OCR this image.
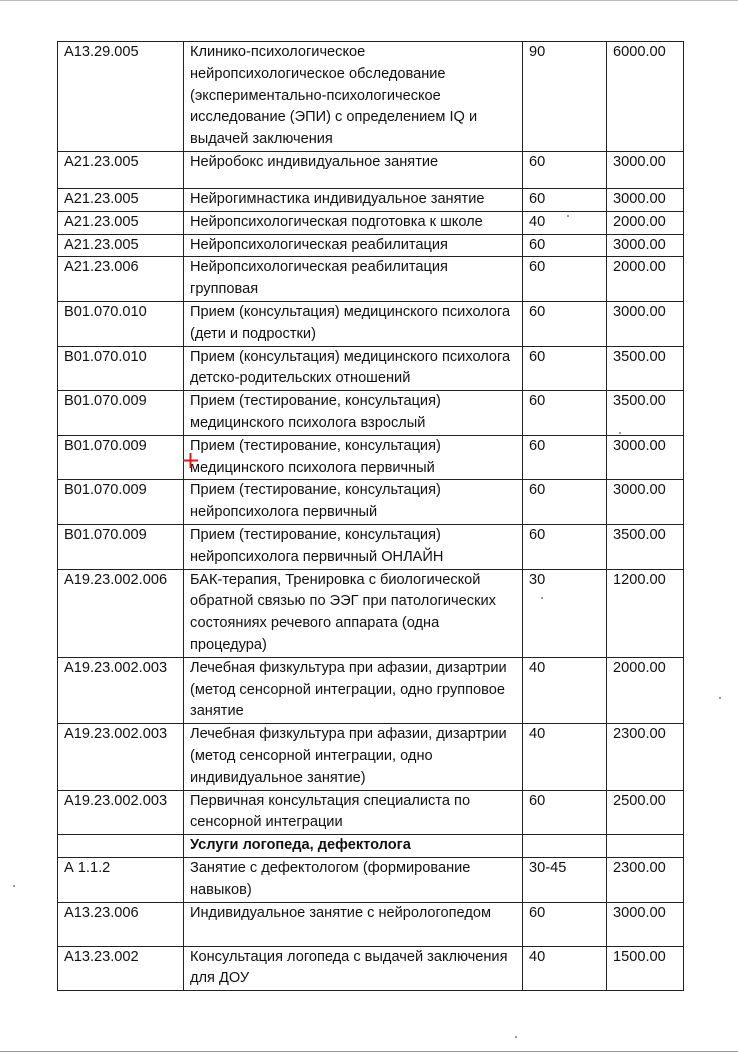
A13.29.005	Клинико-психологическое нейропсихологическое обследование (экспериментально-психологическое исследование (ЭПИ) с определением IQ и выдачей заключения	90	6000.00
A21.23.005	Нейробокс индивидуальное занятие	60	3000.00
A21.23.005	Нейрогимнастика индивидуальное занятие	60	3000.00
A21.23.005	Нейропсихологическая подготовка к школе	40	2000.00
A21.23.005	Нейропсихологическая реабилитация	60	3000.00
A21.23.006	Нейропсихологическая реабилитация групповая	60	2000.00
B01.070.010	Прием (консультация) медицинского психолога (дети и подростки)	60	3000.00
B01.070.010	Прием (консультация) медицинского психолога детско-родительских отношений	60	3500.00
B01.070.009	Прием (тестирование, консультация) медицинского психолога взрослый	60	3500.00
B01.070.009	Прием (тестирование, консультация) медицинского психолога первичный	60	3000.00
B01.070.009	Прием (тестирование, консультация) нейропсихолога первичный	60	3000.00
B01.070.009	Прием (тестирование, консультация) нейропсихолога первичный ОНЛАЙН	60	3500.00
A19.23.002.006	БАК-терапия, Тренировка с биологической обратной связью по ЭЭГ при патологических состояниях речевого аппарата (одна процедура)	30	1200.00
A19.23.002.003	Лечебная физкультура при афазии, дизартрии (метод сенсорной интеграции, одно групповое занятие	40	2000.00
A19.23.002.003	Лечебная физкультура при афазии, дизартрии (метод сенсорной интеграции, одно индивидуальное занятие)	40	2300.00
A19.23.002.003	Первичная консультация специалиста по сенсорной интеграции	60	2500.00
	Услуги логопеда, дефектолога		
А 1.1.2	Занятие с дефектологом (формирование навыков)	30-45	2300.00
A13.23.006	Индивидуальное занятие с нейрологопедом	60	3000.00
A13.23.002	Консультация логопеда с выдачей заключения для ДОУ	40	1500.00
